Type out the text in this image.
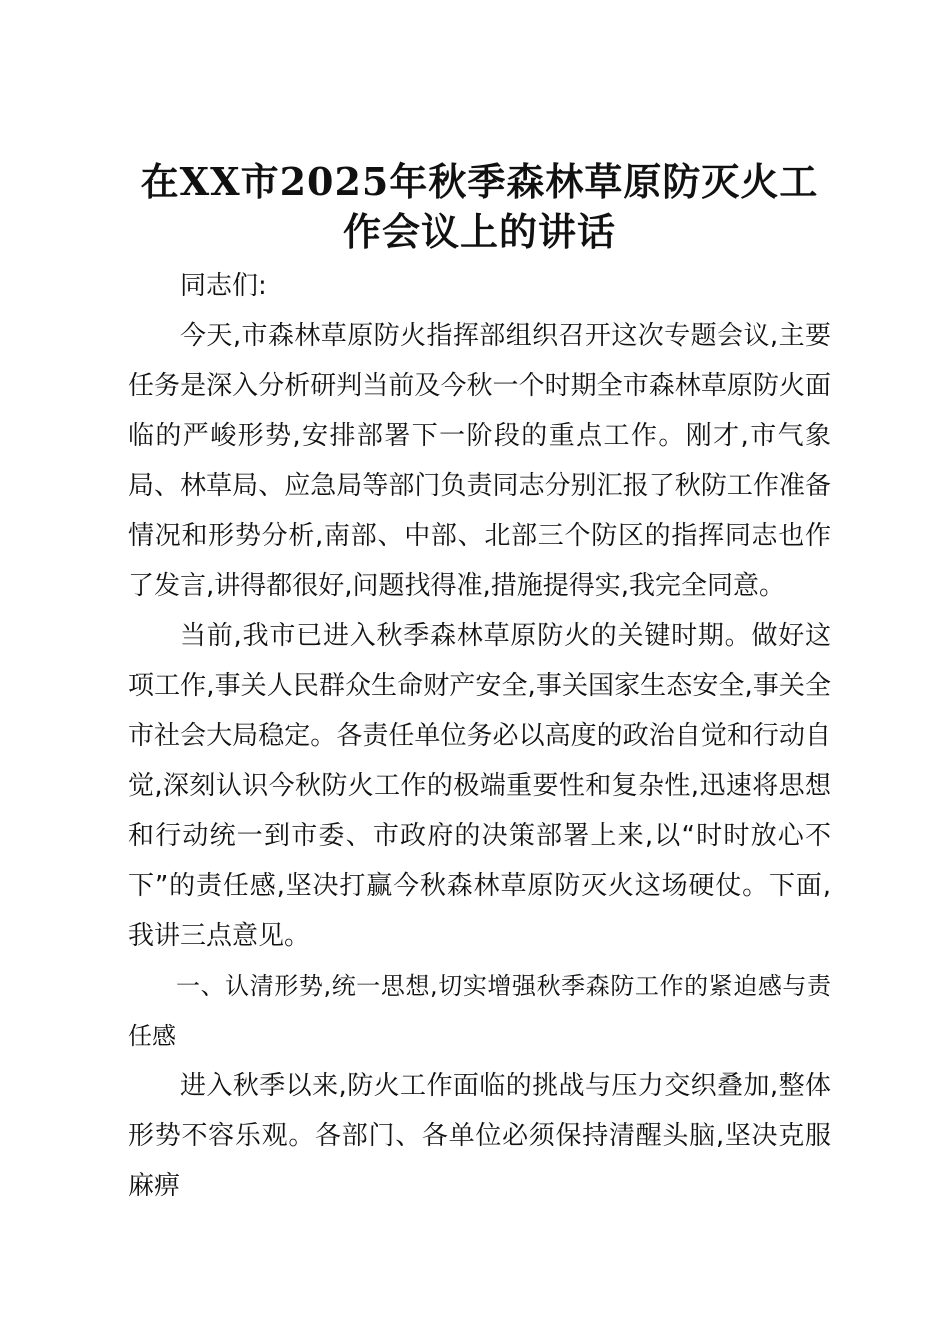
在XX市2025年秋季森林草原防灭火工作会议上的讲话

同志们:

今天,市森林草原防火指挥部组织召开这次专题会议,主要任务是深入分析研判当前及今秋一个时期全市森林草原防火面临的严峻形势,安排部署下一阶段的重点工作。刚才,市气象局、林草局、应急局等部门负责同志分别汇报了秋防工作准备情况和形势分析,南部、中部、北部三个防区的指挥同志也作了发言,讲得都很好,问题找得准,措施提得实,我完全同意。

当前,我市已进入秋季森林草原防火的关键时期。做好这项工作,事关人民群众生命财产安全,事关国家生态安全,事关全市社会大局稳定。各责任单位务必以高度的政治自觉和行动自觉,深刻认识今秋防火工作的极端重要性和复杂性,迅速将思想和行动统一到市委、市政府的决策部署上来,以“时时放心不下”的责任感,坚决打赢今秋森林草原防灭火这场硬仗。下面,我讲三点意见。

一、认清形势,统一思想,切实增强秋季森防工作的紧迫感与责任感

进入秋季以来,防火工作面临的挑战与压力交织叠加,整体形势不容乐观。各部门、各单位必须保持清醒头脑,坚决克服麻痹
